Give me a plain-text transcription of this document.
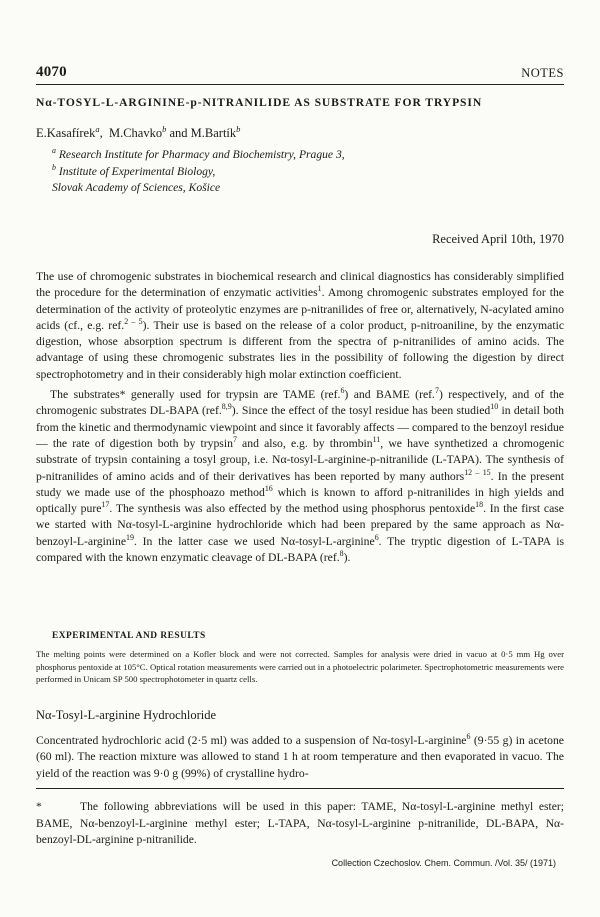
4070	NOTES
Nα-TOSYL-L-ARGININE-p-NITRANILIDE AS SUBSTRATE FOR TRYPSIN
E.Kasafírek$^a$,  M.Chavko$^b$ and M.Bartík$^b$
$^a$ Research Institute for Pharmacy and Biochemistry, Prague 3,
$^b$ Institute of Experimental Biology,
Slovak Academy of Sciences, Košice
Received April 10th, 1970

The use of chromogenic substrates in biochemical research and clinical diagnostics has considerably simplified the procedure for the determination of enzymatic activities$^1$. Among chromogenic substrates employed for the determination of the activity of proteolytic enzymes are p-nitranilides of free or, alternatively, N-acylated amino acids (cf., e.g. ref.$^{2 - 5}$). Their use is based on the release of a color product, p-nitroaniline, by the enzymatic digestion, whose absorption spectrum is different from the spectra of p-nitranilides of amino acids. The advantage of using these chromogenic substrates lies in the possibility of following the digestion by direct spectrophotometry and in their considerably high molar extinction coefficient.

The substrates* generally used for trypsin are TAME (ref.$^6$) and BAME (ref.$^7$) respectively, and of the chromogenic substrates DL-BAPA (ref.$^{8,9}$). Since the effect of the tosyl residue has been studied$^{10}$ in detail both from the kinetic and thermodynamic viewpoint and since it favorably affects — compared to the benzoyl residue — the rate of digestion both by trypsin$^7$ and also, e.g. by thrombin$^{11}$, we have synthetized a chromogenic substrate of trypsin containing a tosyl group, i.e. Nα-tosyl-L-arginine-p-nitranilide (L-TAPA). The synthesis of p-nitranilides of amino acids and of their derivatives has been reported by many authors$^{12 - 15}$. In the present study we made use of the phosphoazo method$^{16}$ which is known to afford p-nitranilides in high yields and optically pure$^{17}$. The synthesis was also effected by the method using phosphorus pentoxide$^{18}$. In the first case we started with Nα-tosyl-L-arginine hydrochloride which had been prepared by the same approach as Nα-benzoyl-L-arginine$^{19}$. In the latter case we used Nα-tosyl-L-arginine$^6$. The tryptic digestion of L-TAPA is compared with the known enzymatic cleavage of DL-BAPA (ref.$^8$).

EXPERIMENTAL AND RESULTS
The melting points were determined on a Kofler block and were not corrected. Samples for analysis were dried in vacuo at 0·5 mm Hg over phosphorus pentoxide at 105°C. Optical rotation measurements were carried out in a photoelectric polarimeter. Spectrophotometric measurements were performed in Unicam SP 500 spectrophotometer in quartz cells.
Nα-Tosyl-L-arginine Hydrochloride
Concentrated hydrochloric acid (2·5 ml) was added to a suspension of Nα-tosyl-L-arginine$^6$ (9·55 g) in acetone (60 ml). The reaction mixture was allowed to stand 1 h at room temperature and then evaporated in vacuo. The yield of the reaction was 9·0 g (99%) of crystalline hydro-
*	The following abbreviations will be used in this paper: TAME, Nα-tosyl-L-arginine methyl ester; BAME, Nα-benzoyl-L-arginine methyl ester; L-TAPA, Nα-tosyl-L-arginine p-nitranilide, DL-BAPA, Nα-benzoyl-DL-arginine p-nitranilide.
Collection Czechoslov. Chem. Commun. /Vol. 35/ (1971)
